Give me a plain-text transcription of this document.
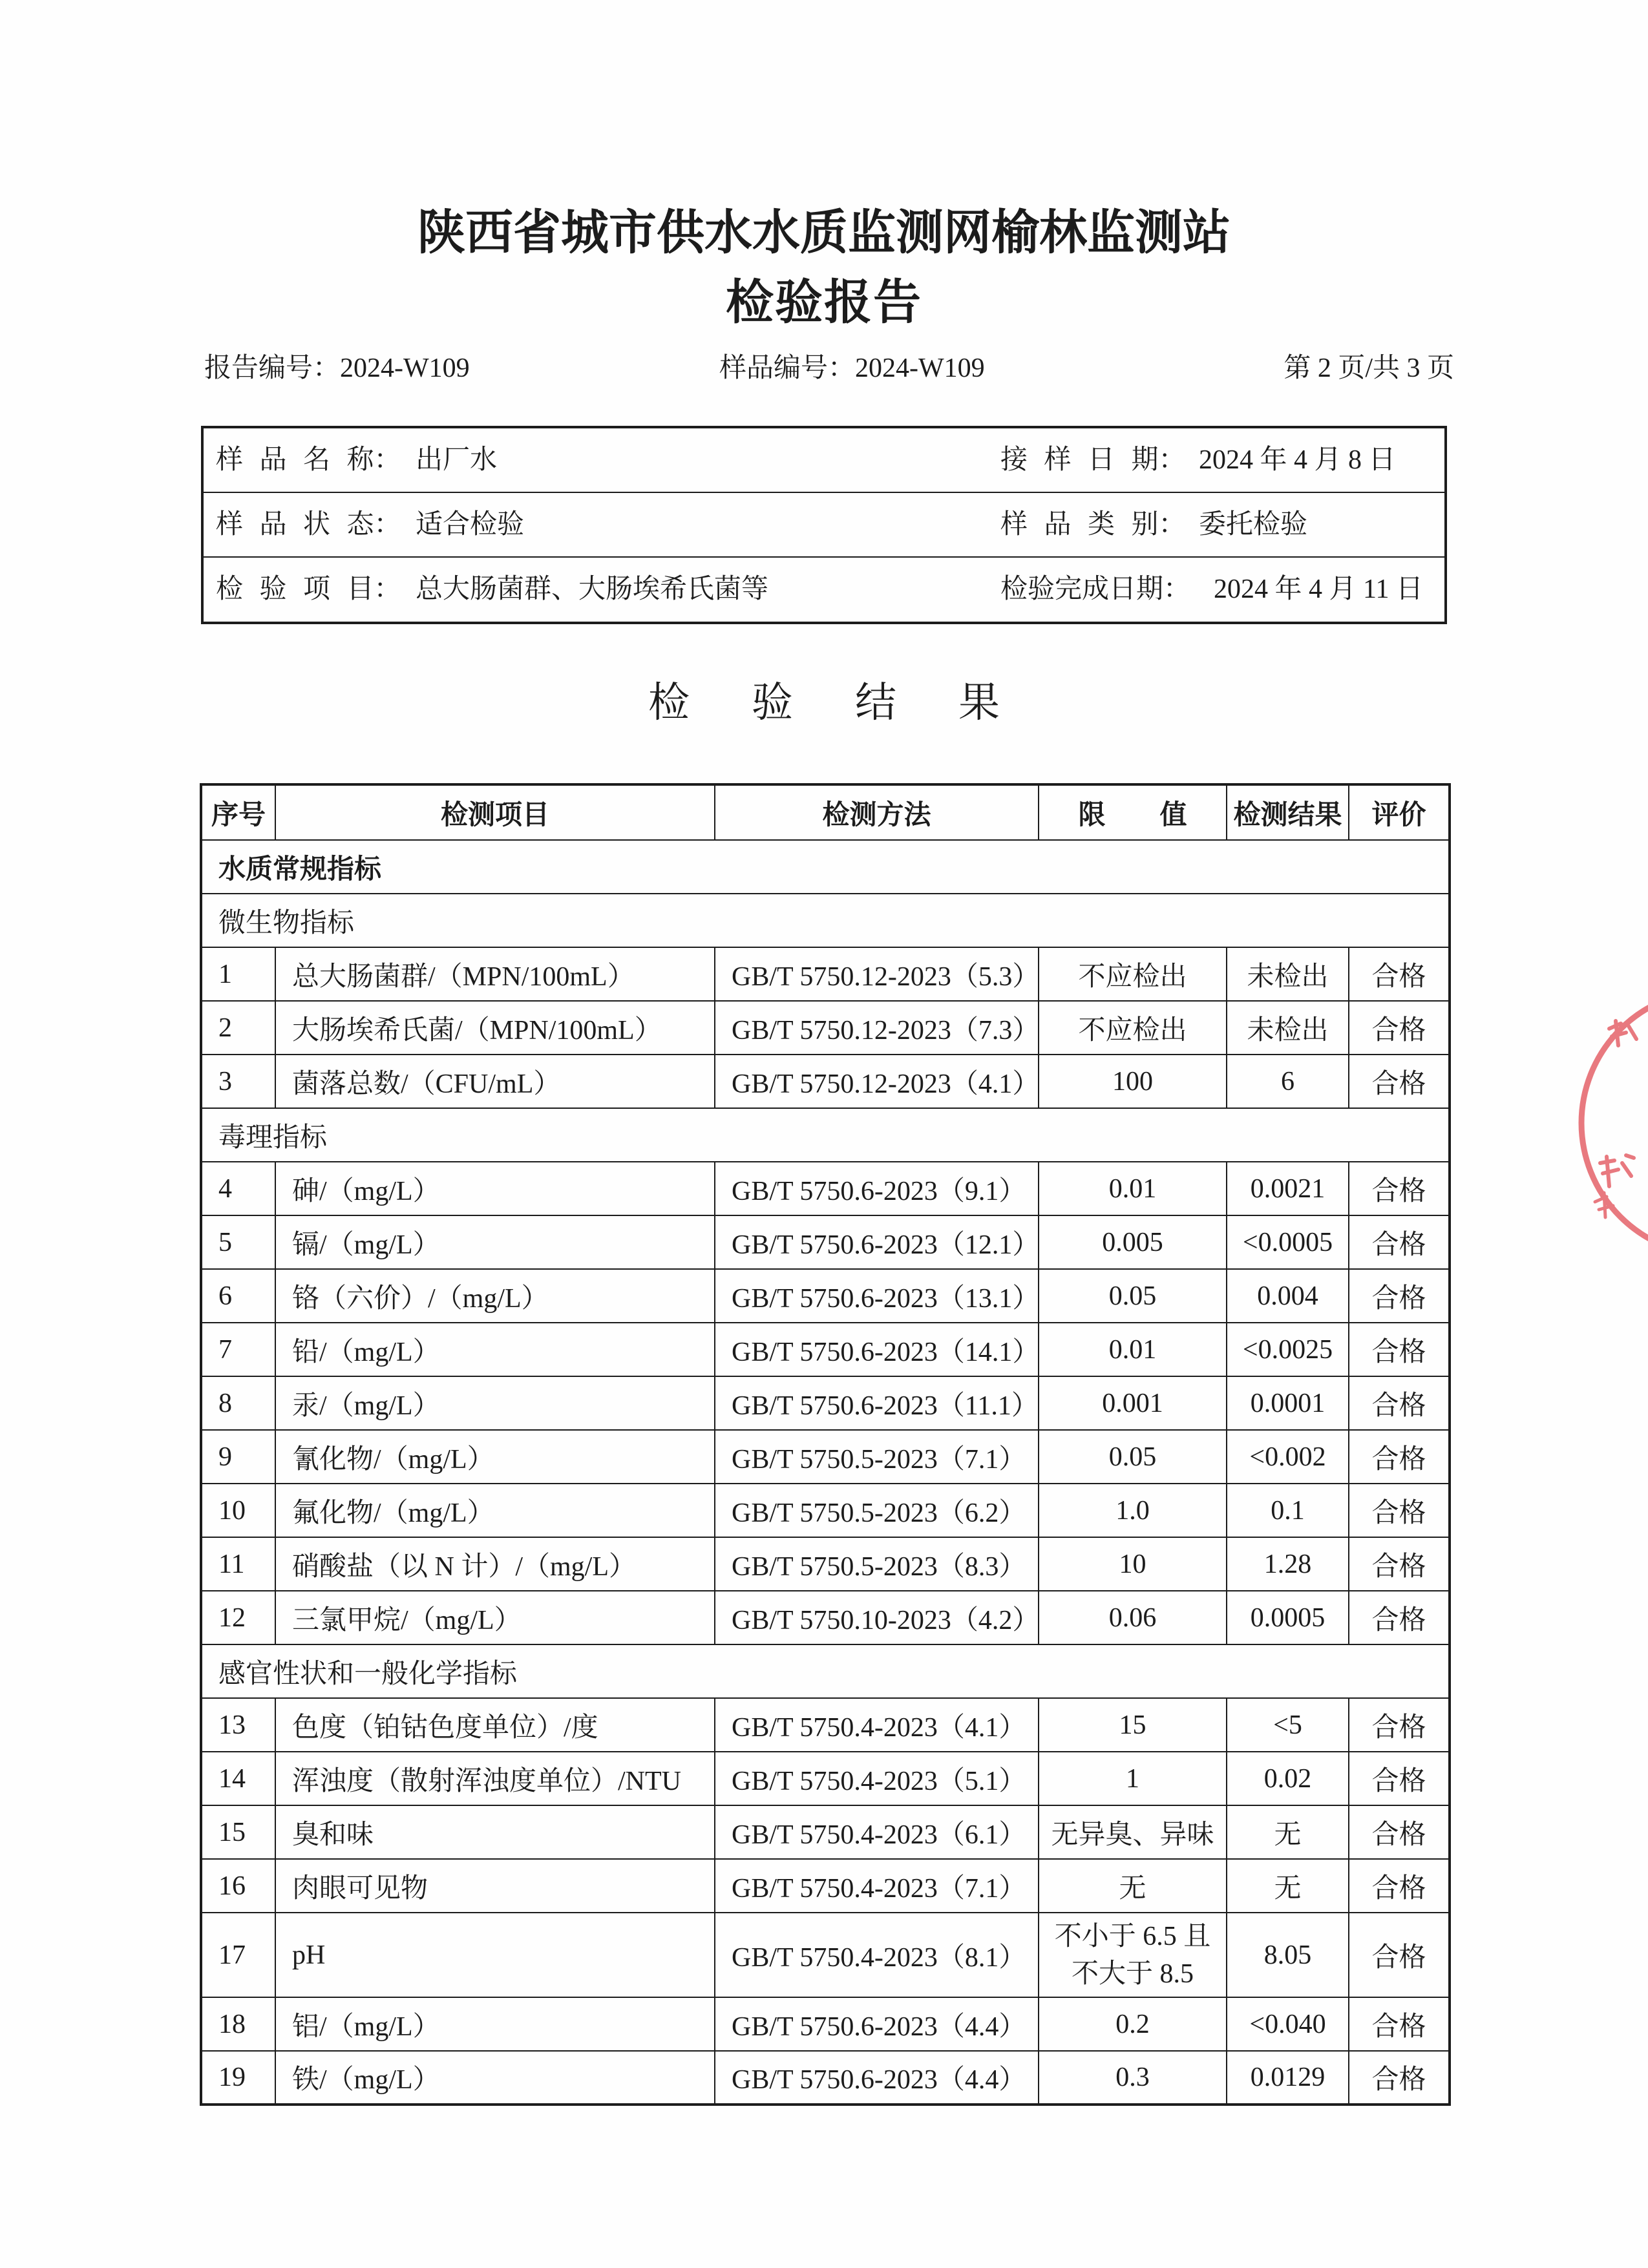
陕西省城市供水水质监测网榆林监测站
检验报告
报告编号：2024-W109	样品编号：2024-W109	第 2 页/共 3 页
样 品 名 称： 出厂水	接 样 日 期： 2024 年 4 月 8 日
样 品 状 态： 适合检验	样 品 类 别： 委托检验
检 验 项 目： 总大肠菌群、大肠埃希氏菌等	检验完成日期： 2024 年 4 月 11 日
检 验 结 果
序号	检测项目	检测方法	限　　值	检测结果	评价
水质常规指标					
微生物指标					
1	总大肠菌群/（MPN/100mL）	GB/T 5750.12-2023（5.3）	不应检出	未检出	合格
2	大肠埃希氏菌/（MPN/100mL）	GB/T 5750.12-2023（7.3）	不应检出	未检出	合格
3	菌落总数/（CFU/mL）	GB/T 5750.12-2023（4.1）	100	6	合格
毒理指标					
4	砷/（mg/L）	GB/T 5750.6-2023（9.1）	0.01	0.0021	合格
5	镉/（mg/L）	GB/T 5750.6-2023（12.1）	0.005	<0.0005	合格
6	铬（六价）/（mg/L）	GB/T 5750.6-2023（13.1）	0.05	0.004	合格
7	铅/（mg/L）	GB/T 5750.6-2023（14.1）	0.01	<0.0025	合格
8	汞/（mg/L）	GB/T 5750.6-2023（11.1）	0.001	0.0001	合格
9	氰化物/（mg/L）	GB/T 5750.5-2023（7.1）	0.05	<0.002	合格
10	氟化物/（mg/L）	GB/T 5750.5-2023（6.2）	1.0	0.1	合格
11	硝酸盐（以 N 计）/（mg/L）	GB/T 5750.5-2023（8.3）	10	1.28	合格
12	三氯甲烷/（mg/L）	GB/T 5750.10-2023（4.2）	0.06	0.0005	合格
感官性状和一般化学指标					
13	色度（铂钴色度单位）/度	GB/T 5750.4-2023（4.1）	15	<5	合格
14	浑浊度（散射浑浊度单位）/NTU	GB/T 5750.4-2023（5.1）	1	0.02	合格
15	臭和味	GB/T 5750.4-2023（6.1）	无异臭、异味	无	合格
16	肉眼可见物	GB/T 5750.4-2023（7.1）	无	无	合格
17	pH	GB/T 5750.4-2023（8.1）	不小于 6.5 且
不大于 8.5	8.05	合格
18	铝/（mg/L）	GB/T 5750.6-2023（4.4）	0.2	<0.040	合格
19	铁/（mg/L）	GB/T 5750.6-2023（4.4）	0.3	0.0129	合格
